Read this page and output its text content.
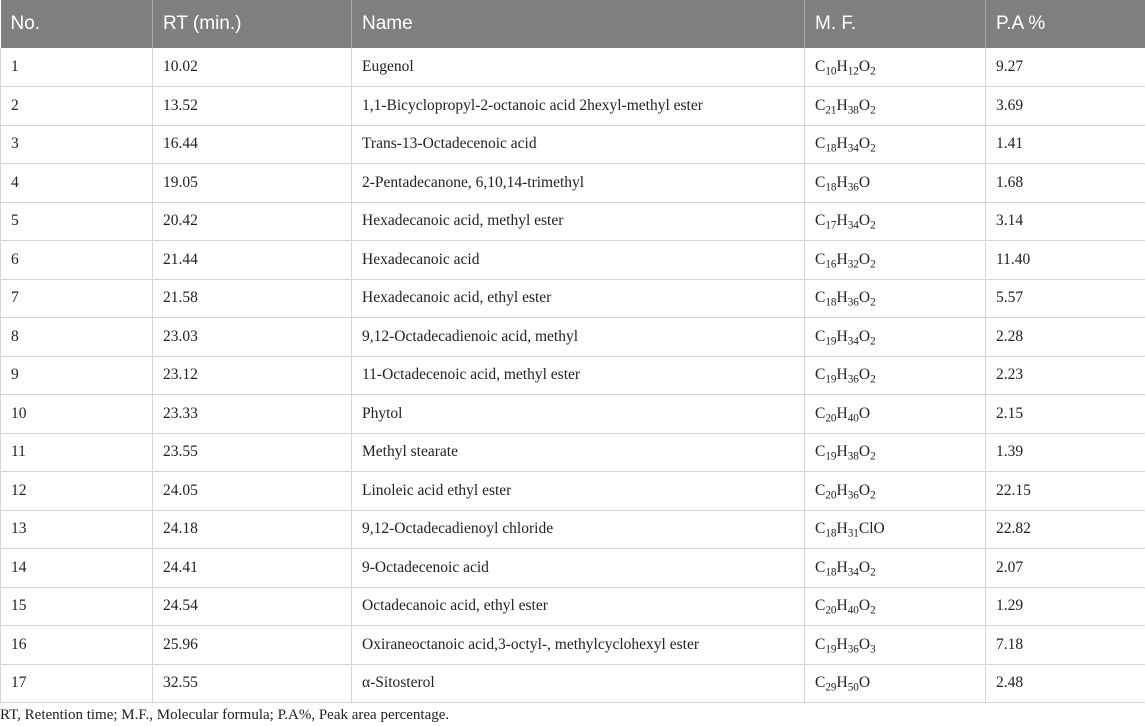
No.	RT (min.)	Name	M. F.	P.A %
1	10.02	Eugenol	$C_{10}H_{12}O_2$	9.27
2	13.52	1,1-Bicyclopropyl-2-octanoic acid 2hexyl-methyl ester	$C_{21}H_{38}O_2$	3.69
3	16.44	Trans-13-Octadecenoic acid	$C_{18}H_{34}O_2$	1.41
4	19.05	2-Pentadecanone, 6,10,14-trimethyl	$C_{18}H_{36}O$	1.68
5	20.42	Hexadecanoic acid, methyl ester	$C_{17}H_{34}O_2$	3.14
6	21.44	Hexadecanoic acid	$C_{16}H_{32}O_2$	11.40
7	21.58	Hexadecanoic acid, ethyl ester	$C_{18}H_{36}O_2$	5.57
8	23.03	9,12-Octadecadienoic acid, methyl	$C_{19}H_{34}O_2$	2.28
9	23.12	11-Octadecenoic acid, methyl ester	$C_{19}H_{36}O_2$	2.23
10	23.33	Phytol	$C_{20}H_{40}O$	2.15
11	23.55	Methyl stearate	$C_{19}H_{38}O_2$	1.39
12	24.05	Linoleic acid ethyl ester	$C_{20}H_{36}O_2$	22.15
13	24.18	9,12-Octadecadienoyl chloride	$C_{18}H_{31}ClO$	22.82
14	24.41	9-Octadecenoic acid	$C_{18}H_{34}O_2$	2.07
15	24.54	Octadecanoic acid, ethyl ester	$C_{20}H_{40}O_2$	1.29
16	25.96	Oxiraneoctanoic acid,3-octyl-, methylcyclohexyl ester	$C_{19}H_{36}O_3$	7.18
17	32.55	α-Sitosterol	$C_{29}H_{50}O$	2.48
RT, Retention time; M.F., Molecular formula; P.A%, Peak area percentage.
